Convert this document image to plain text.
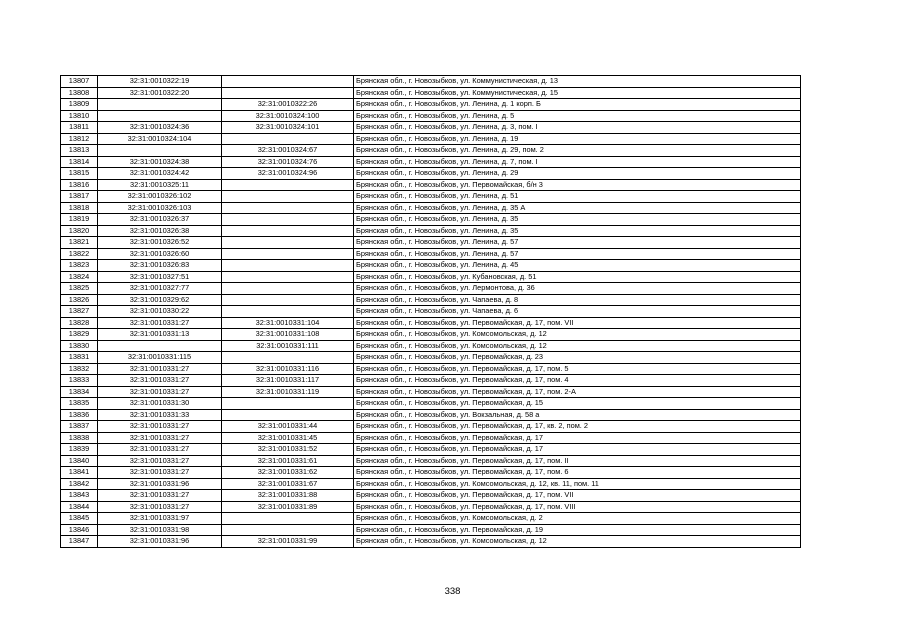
13807	32:31:0010322:19		Брянская обл., г. Новозыбков, ул. Коммунистическая, д. 13
13808	32:31:0010322:20		Брянская обл., г. Новозыбков, ул. Коммунистическая, д. 15
13809		32:31:0010322:26	Брянская обл., г. Новозыбков, ул. Ленина, д. 1 корп. Б
13810		32:31:0010324:100	Брянская обл., г. Новозыбков, ул. Ленина, д. 5
13811	32:31:0010324:36	32:31:0010324:101	Брянская обл., г. Новозыбков, ул. Ленина, д. 3, пом. I
13812	32:31:0010324:104		Брянская обл., г. Новозыбков, ул. Ленина, д. 19
13813		32:31:0010324:67	Брянская обл., г. Новозыбков, ул. Ленина, д. 29, пом. 2
13814	32:31:0010324:38	32:31:0010324:76	Брянская обл., г. Новозыбков, ул. Ленина, д. 7, пом. I
13815	32:31:0010324:42	32:31:0010324:96	Брянская обл., г. Новозыбков, ул. Ленина, д. 29
13816	32:31:0010325:11		Брянская обл., г. Новозыбков, ул. Первомайская, б/н 3
13817	32:31:0010326:102		Брянская обл., г. Новозыбков, ул. Ленина, д. 51
13818	32:31:0010326:103		Брянская обл., г. Новозыбков, ул. Ленина, д. 35 А
13819	32:31:0010326:37		Брянская обл., г. Новозыбков, ул. Ленина, д. 35
13820	32:31:0010326:38		Брянская обл., г. Новозыбков, ул. Ленина, д. 35
13821	32:31:0010326:52		Брянская обл., г. Новозыбков, ул. Ленина, д. 57
13822	32:31:0010326:60		Брянская обл., г. Новозыбков, ул. Ленина, д. 57
13823	32:31:0010326:83		Брянская обл., г. Новозыбков, ул. Ленина, д. 45
13824	32:31:0010327:51		Брянская обл., г. Новозыбков, ул. Кубановская, д. 51
13825	32:31:0010327:77		Брянская обл., г. Новозыбков, ул. Лермонтова, д. 36
13826	32:31:0010329:62		Брянская обл., г. Новозыбков, ул. Чапаева, д. 8
13827	32:31:0010330:22		Брянская обл., г. Новозыбков, ул. Чапаева, д. 6
13828	32:31:0010331:27	32:31:0010331:104	Брянская обл., г. Новозыбков, ул. Первомайская, д. 17, пом. VII
13829	32:31:0010331:13	32:31:0010331:108	Брянская обл., г. Новозыбков, ул. Комсомольская, д. 12
13830		32:31:0010331:111	Брянская обл., г. Новозыбков, ул. Комсомольская, д. 12
13831	32:31:0010331:115		Брянская обл., г. Новозыбков, ул. Первомайская, д. 23
13832	32:31:0010331:27	32:31:0010331:116	Брянская обл., г. Новозыбков, ул. Первомайская, д. 17, пом. 5
13833	32:31:0010331:27	32:31:0010331:117	Брянская обл., г. Новозыбков, ул. Первомайская, д. 17, пом. 4
13834	32:31:0010331:27	32:31:0010331:119	Брянская обл., г. Новозыбков, ул. Первомайская, д. 17, пом. 2-А
13835	32:31:0010331:30		Брянская обл., г. Новозыбков, ул. Первомайская, д. 15
13836	32:31:0010331:33		Брянская обл., г. Новозыбков, ул. Вокзальная, д. 58 а
13837	32:31:0010331:27	32:31:0010331:44	Брянская обл., г. Новозыбков, ул. Первомайская, д. 17, кв. 2, пом. 2
13838	32:31:0010331:27	32:31:0010331:45	Брянская обл., г. Новозыбков, ул. Первомайская, д. 17
13839	32:31:0010331:27	32:31:0010331:52	Брянская обл., г. Новозыбков, ул. Первомайская, д. 17
13840	32:31:0010331:27	32:31:0010331:61	Брянская обл., г. Новозыбков, ул. Первомайская, д. 17, пом. II
13841	32:31:0010331:27	32:31:0010331:62	Брянская обл., г. Новозыбков, ул. Первомайская, д. 17, пом. 6
13842	32:31:0010331:96	32:31:0010331:67	Брянская обл., г. Новозыбков, ул. Комсомольская, д. 12, кв. 11, пом. 11
13843	32:31:0010331:27	32:31:0010331:88	Брянская обл., г. Новозыбков, ул. Первомайская, д. 17, пом. VII
13844	32:31:0010331:27	32:31:0010331:89	Брянская обл., г. Новозыбков, ул. Первомайская, д. 17, пом. VIII
13845	32:31:0010331:97		Брянская обл., г. Новозыбков, ул. Комсомольская, д. 2
13846	32:31:0010331:98		Брянская обл., г. Новозыбков, ул. Первомайская, д. 19
13847	32:31:0010331:96	32:31:0010331:99	Брянская обл., г. Новозыбков, ул. Комсомольская, д. 12
338
